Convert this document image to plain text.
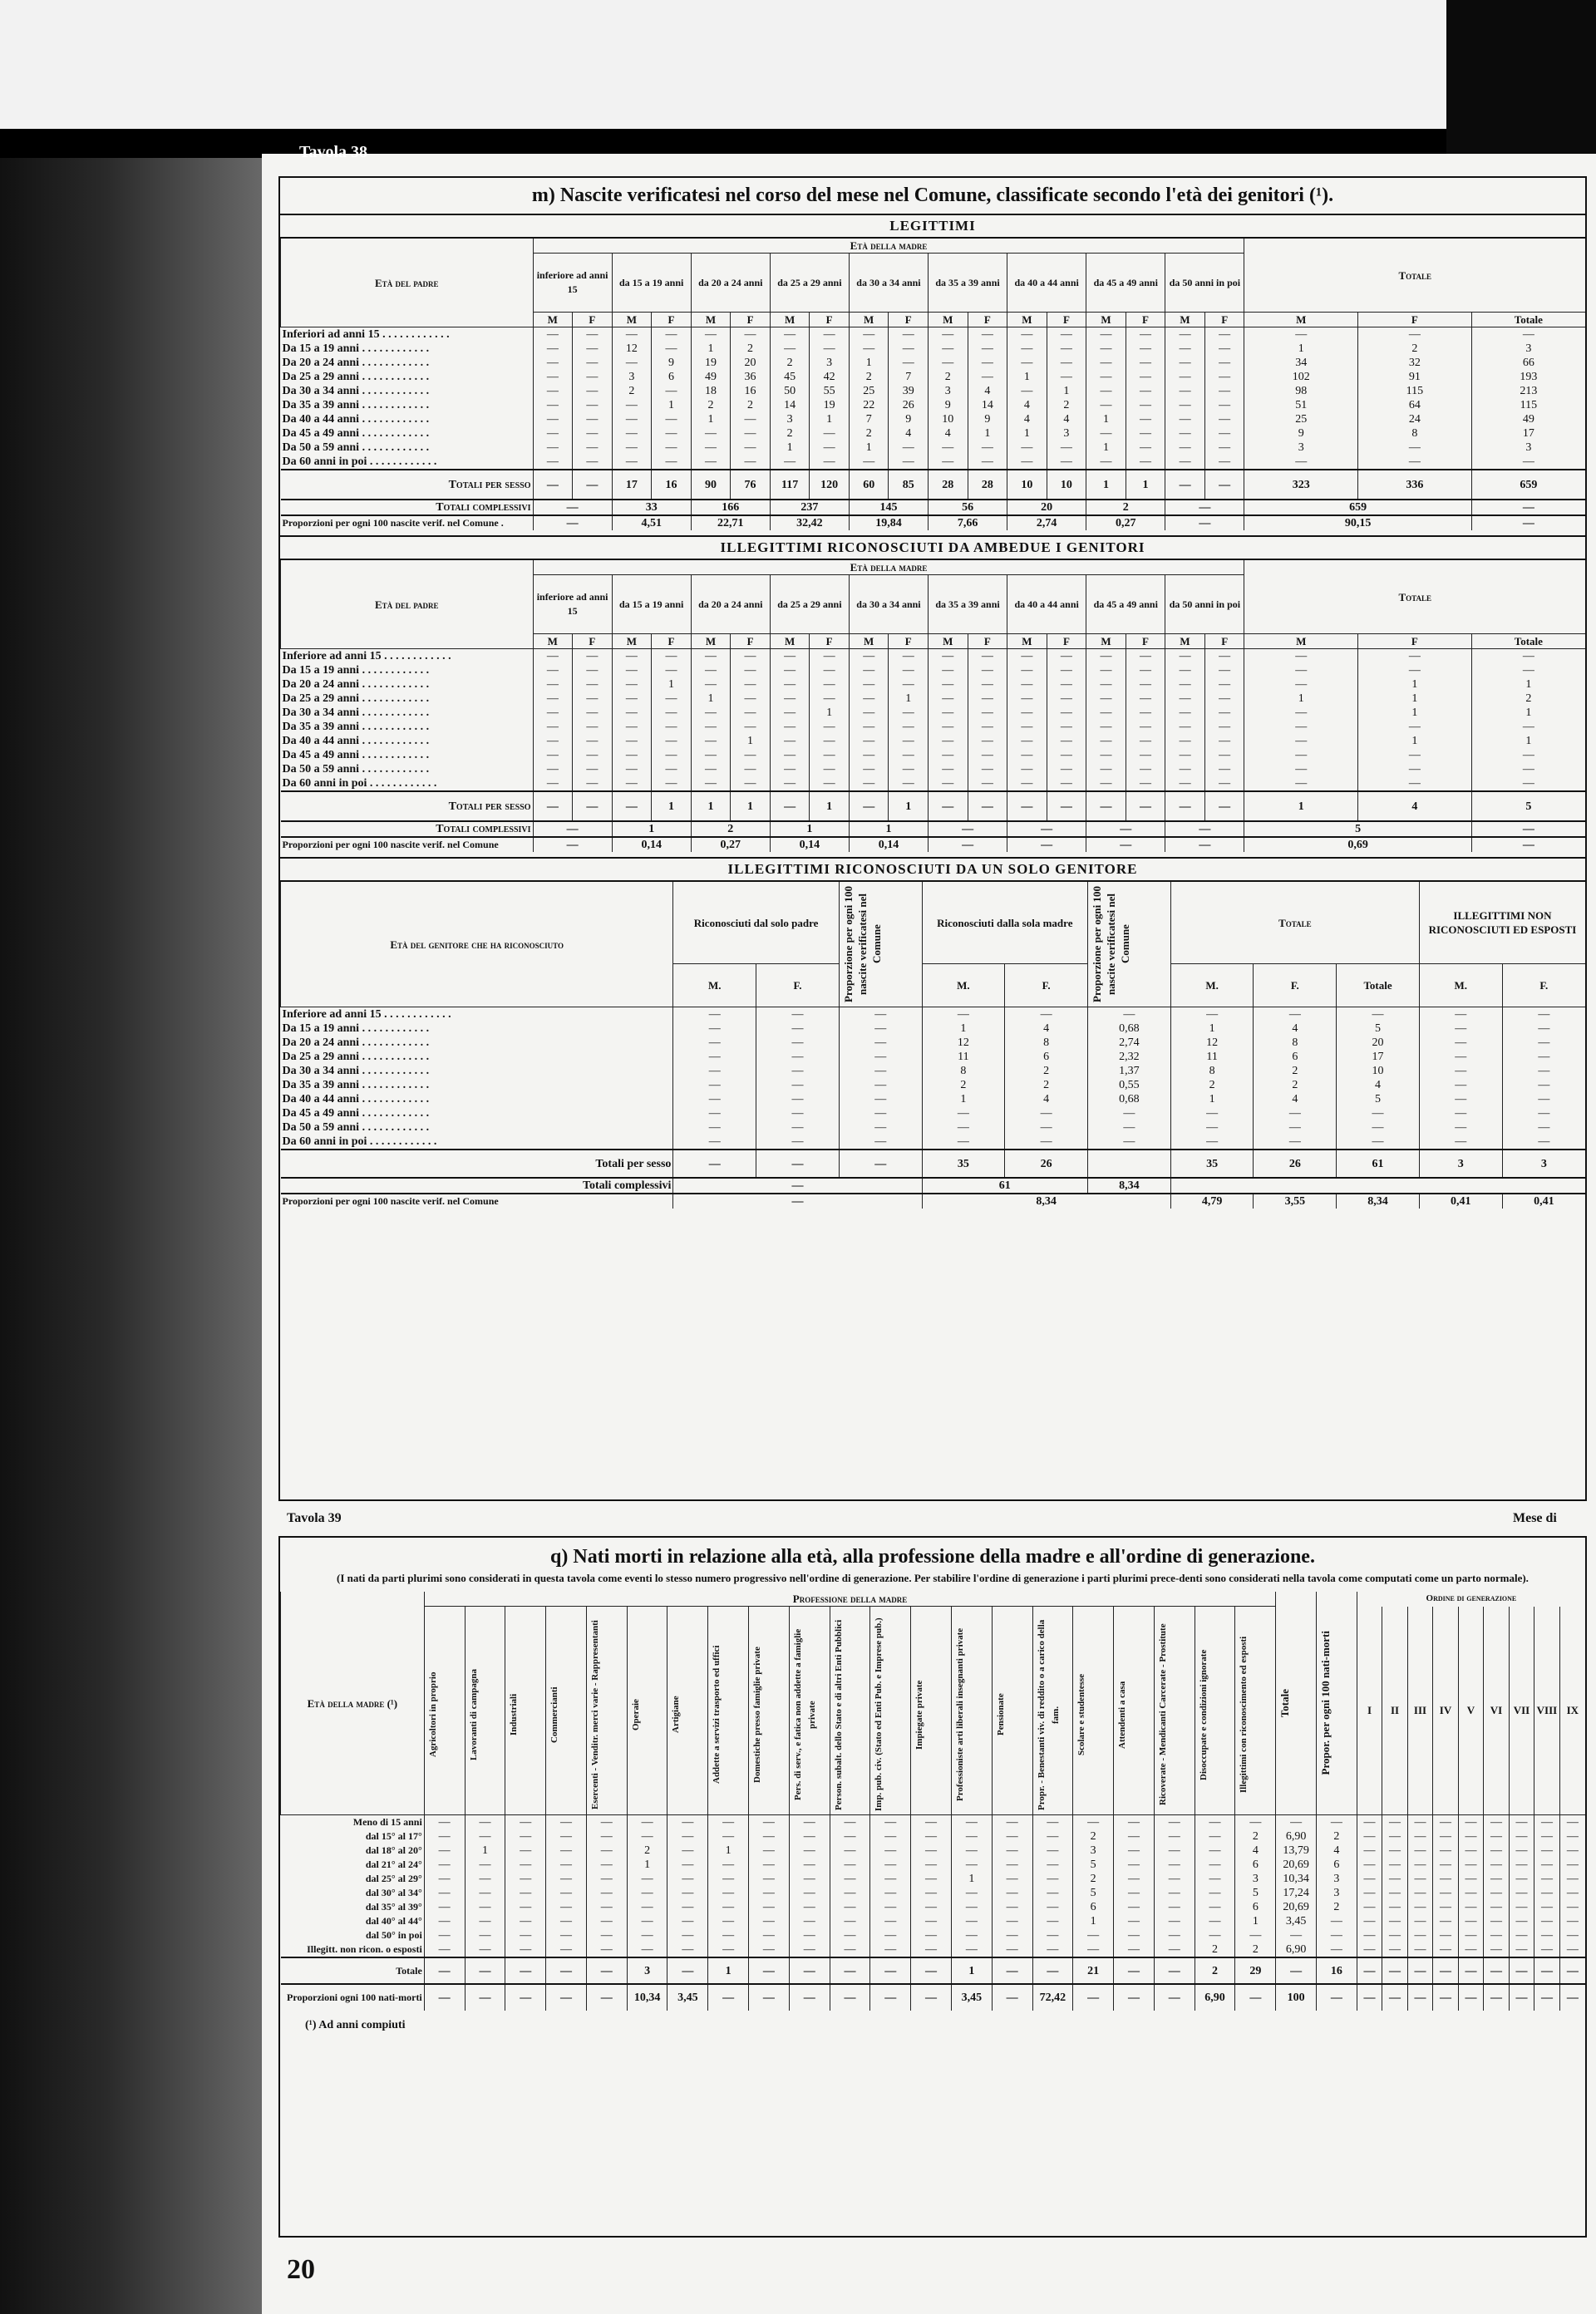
Tavola 38
m) Nascite verificatesi nel corso del mese nel Comune, classificate secondo l'età dei genitori (¹).
LEGITTIMI
Età del padre	Età della madre																		Totale		
	inferiore ad anni 15		da 15 a 19 anni		da 20 a 24 anni		da 25 a 29 anni		da 30 a 34 anni		da 35 a 39 anni		da 40 a 44 anni		da 45 a 49 anni		da 50 anni in poi				
	M	F	M	F	M	F	M	F	M	F	M	F	M	F	M	F	M	F	M	F	Totale
Inferiori ad anni 15 . . . . . . . . . . . .	—	—	—	—	—	—	—	—	—	—	—	—	—	—	—	—	—	—	—	—	—
Da 15 a 19 anni . . . . . . . . . . . .	—	—	12	—	1	2	—	—	—	—	—	—	—	—	—	—	—	—	1	2	3
Da 20 a 24 anni . . . . . . . . . . . .	—	—	—	9	19	20	2	3	1	—	—	—	—	—	—	—	—	—	34	32	66
Da 25 a 29 anni . . . . . . . . . . . .	—	—	3	6	49	36	45	42	2	7	2	—	1	—	—	—	—	—	102	91	193
Da 30 a 34 anni . . . . . . . . . . . .	—	—	2	—	18	16	50	55	25	39	3	4	—	1	—	—	—	—	98	115	213
Da 35 a 39 anni . . . . . . . . . . . .	—	—	—	1	2	2	14	19	22	26	9	14	4	2	—	—	—	—	51	64	115
Da 40 a 44 anni . . . . . . . . . . . .	—	—	—	—	1	—	3	1	7	9	10	9	4	4	1	—	—	—	25	24	49
Da 45 a 49 anni . . . . . . . . . . . .	—	—	—	—	—	—	2	—	2	4	4	1	1	3	—	—	—	—	9	8	17
Da 50 a 59 anni . . . . . . . . . . . .	—	—	—	—	—	—	1	—	1	—	—	—	—	—	1	—	—	—	3	—	3
Da 60 anni in poi . . . . . . . . . . . .	—	—	—	—	—	—	—	—	—	—	—	—	—	—	—	—	—	—	—	—	—
Totali per sesso	—	—	17	16	90	76	117	120	60	85	28	28	10	10	1	1	—	—	323	336	659
Totali complessivi	—		33		166		237		145		56		20		2		—		659		—
Proporzioni per ogni 100 nascite verif. nel Comune .	—		4,51		22,71		32,42		19,84		7,66		2,74		0,27		—		90,15		—
ILLEGITTIMI RICONOSCIUTI DA AMBEDUE I GENITORI
Età del padre	Età della madre																		Totale		
	inferiore ad anni 15		da 15 a 19 anni		da 20 a 24 anni		da 25 a 29 anni		da 30 a 34 anni		da 35 a 39 anni		da 40 a 44 anni		da 45 a 49 anni		da 50 anni in poi				
	M	F	M	F	M	F	M	F	M	F	M	F	M	F	M	F	M	F	M	F	Totale
Inferiore ad anni 15 . . . . . . . . . . . .	—	—	—	—	—	—	—	—	—	—	—	—	—	—	—	—	—	—	—	—	—
Da 15 a 19 anni . . . . . . . . . . . .	—	—	—	—	—	—	—	—	—	—	—	—	—	—	—	—	—	—	—	—	—
Da 20 a 24 anni . . . . . . . . . . . .	—	—	—	1	—	—	—	—	—	—	—	—	—	—	—	—	—	—	—	1	1
Da 25 a 29 anni . . . . . . . . . . . .	—	—	—	—	1	—	—	—	—	1	—	—	—	—	—	—	—	—	1	1	2
Da 30 a 34 anni . . . . . . . . . . . .	—	—	—	—	—	—	—	1	—	—	—	—	—	—	—	—	—	—	—	1	1
Da 35 a 39 anni . . . . . . . . . . . .	—	—	—	—	—	—	—	—	—	—	—	—	—	—	—	—	—	—	—	—	—
Da 40 a 44 anni . . . . . . . . . . . .	—	—	—	—	—	1	—	—	—	—	—	—	—	—	—	—	—	—	—	1	1
Da 45 a 49 anni . . . . . . . . . . . .	—	—	—	—	—	—	—	—	—	—	—	—	—	—	—	—	—	—	—	—	—
Da 50 a 59 anni . . . . . . . . . . . .	—	—	—	—	—	—	—	—	—	—	—	—	—	—	—	—	—	—	—	—	—
Da 60 anni in poi . . . . . . . . . . . .	—	—	—	—	—	—	—	—	—	—	—	—	—	—	—	—	—	—	—	—	—
Totali per sesso	—	—	—	1	1	1	—	1	—	1	—	—	—	—	—	—	—	—	1	4	5
Totali complessivi	—		1		2		1		1		—		—		—		—		5		—
Proporzioni per ogni 100 nascite verif. nel Comune	—		0,14		0,27		0,14		0,14		—		—		—		—		0,69		—
ILLEGITTIMI RICONOSCIUTI DA UN SOLO GENITORE
Età del genitore che ha riconosciuto	Riconosciuti dal solo padre		Proporzione per ogni 100 nascite verificatesi nel Comune	Riconosciuti dalla sola madre		Proporzione per ogni 100 nascite verificatesi nel Comune	Totale			ILLEGITTIMI NON RICONOSCIUTI ED ESPOSTI	
	M.	F.		M.	F.		M.	F.	Totale	M.	F.
Inferiore ad anni 15 . . . . . . . . . . . .	—	—	—	—	—	—	—	—	—	—	—
Da 15 a 19 anni . . . . . . . . . . . .	—	—	—	1	4	0,68	1	4	5	—	—
Da 20 a 24 anni . . . . . . . . . . . .	—	—	—	12	8	2,74	12	8	20	—	—
Da 25 a 29 anni . . . . . . . . . . . .	—	—	—	11	6	2,32	11	6	17	—	—
Da 30 a 34 anni . . . . . . . . . . . .	—	—	—	8	2	1,37	8	2	10	—	—
Da 35 a 39 anni . . . . . . . . . . . .	—	—	—	2	2	0,55	2	2	4	—	—
Da 40 a 44 anni . . . . . . . . . . . .	—	—	—	1	4	0,68	1	4	5	—	—
Da 45 a 49 anni . . . . . . . . . . . .	—	—	—	—	—	—	—	—	—	—	—
Da 50 a 59 anni . . . . . . . . . . . .	—	—	—	—	—	—	—	—	—	—	—
Da 60 anni in poi . . . . . . . . . . . .	—	—	—	—	—	—	—	—	—	—	—
Totali per sesso	—	—	—	35	26		35	26	61	3	3
Totali complessivi	—			61		8,34					
Proporzioni per ogni 100 nascite verif. nel Comune	—			8,34			4,79	3,55	8,34	0,41	0,41
Tavola 39	Mese di
q) Nati morti in relazione alla età, alla professione della madre e all'ordine di generazione.
(I nati da parti plurimi sono considerati in questa tavola come eventi lo stesso numero progressivo nell'ordine di generazione. Per stabilire l'ordine di generazione i parti plurimi prece-denti sono considerati nella tavola come computati come un parto normale).
Età della madre (¹)	Professione della madre																					Totale	Propor. per ogni 100 nati-morti	Ordine di generazione								

	Agricoltori in proprio	Lavoranti di campagna	Industriali	Commercianti	Esercenti - Venditr. merci varie - Rappresentanti	Operaie	Artigiane	Addette a servizi trasporto ed uffici	Domestiche presso famiglie private	Pers. di serv., e fatica non addette a famiglie private	Person. subalt. dello Stato e di altri Enti Pubblici	Imp. pub. civ. (Stato ed Enti Pub. e Imprese pub.)	Impiegate private	Professioniste arti liberali insegnanti private	Pensionate	Propr. - Benestanti viv. di reddito o a carico della fam.	Scolare e studentesse	Attendenti a casa	Ricoverate - Mendicanti Carcerate - Prostitute	Disoccupate e condizioni ignorate	Illegittimi con riconoscimento ed esposti											

																								I	II	III	IV	V	VI	VII	VIII	IX
Meno di 15 anni	—	—	—	—	—	—	—	—	—	—	—	—	—	—	—	—	—	—	—	—	—	—	—	—	—	—	—	—	—	—	—	—
dal 15° al 17°	—	—	—	—	—	—	—	—	—	—	—	—	—	—	—	—	2	—	—	—	2	6,90	2	—	—	—	—	—	—	—	—	—
dal 18° al 20°	—	1	—	—	—	2	—	1	—	—	—	—	—	—	—	—	3	—	—	—	4	13,79	4	—	—	—	—	—	—	—	—	—
dal 21° al 24°	—	—	—	—	—	1	—	—	—	—	—	—	—	—	—	—	5	—	—	—	6	20,69	6	—	—	—	—	—	—	—	—	—
dal 25° al 29°	—	—	—	—	—	—	—	—	—	—	—	—	—	1	—	—	2	—	—	—	3	10,34	3	—	—	—	—	—	—	—	—	—
dal 30° al 34°	—	—	—	—	—	—	—	—	—	—	—	—	—	—	—	—	5	—	—	—	5	17,24	3	—	—	—	—	—	—	—	—	—
dal 35° al 39°	—	—	—	—	—	—	—	—	—	—	—	—	—	—	—	—	6	—	—	—	6	20,69	2	—	—	—	—	—	—	—	—	—
dal 40° al 44°	—	—	—	—	—	—	—	—	—	—	—	—	—	—	—	—	1	—	—	—	1	3,45	—	—	—	—	—	—	—	—	—	—
dal 50° in poi	—	—	—	—	—	—	—	—	—	—	—	—	—	—	—	—	—	—	—	—	—	—	—	—	—	—	—	—	—	—	—	—
Illegitt. non ricon. o esposti	—	—	—	—	—	—	—	—	—	—	—	—	—	—	—	—	—	—	—	2	2	6,90	—	—	—	—	—	—	—	—	—	—
Totale	—	—	—	—	—	3	—	1	—	—	—	—	—	1	—	—	21	—	—	2	29	—	16	—	—	—	—	—	—	—	—	—
Proporzioni ogni 100 nati-morti	—	—	—	—	—	10,34	3,45	—	—	—	—	—	—	3,45	—	72,42	—	—	—	6,90	—	100	—	—	—	—	—	—	—	—	—	—
(¹) Ad anni compiuti
20
